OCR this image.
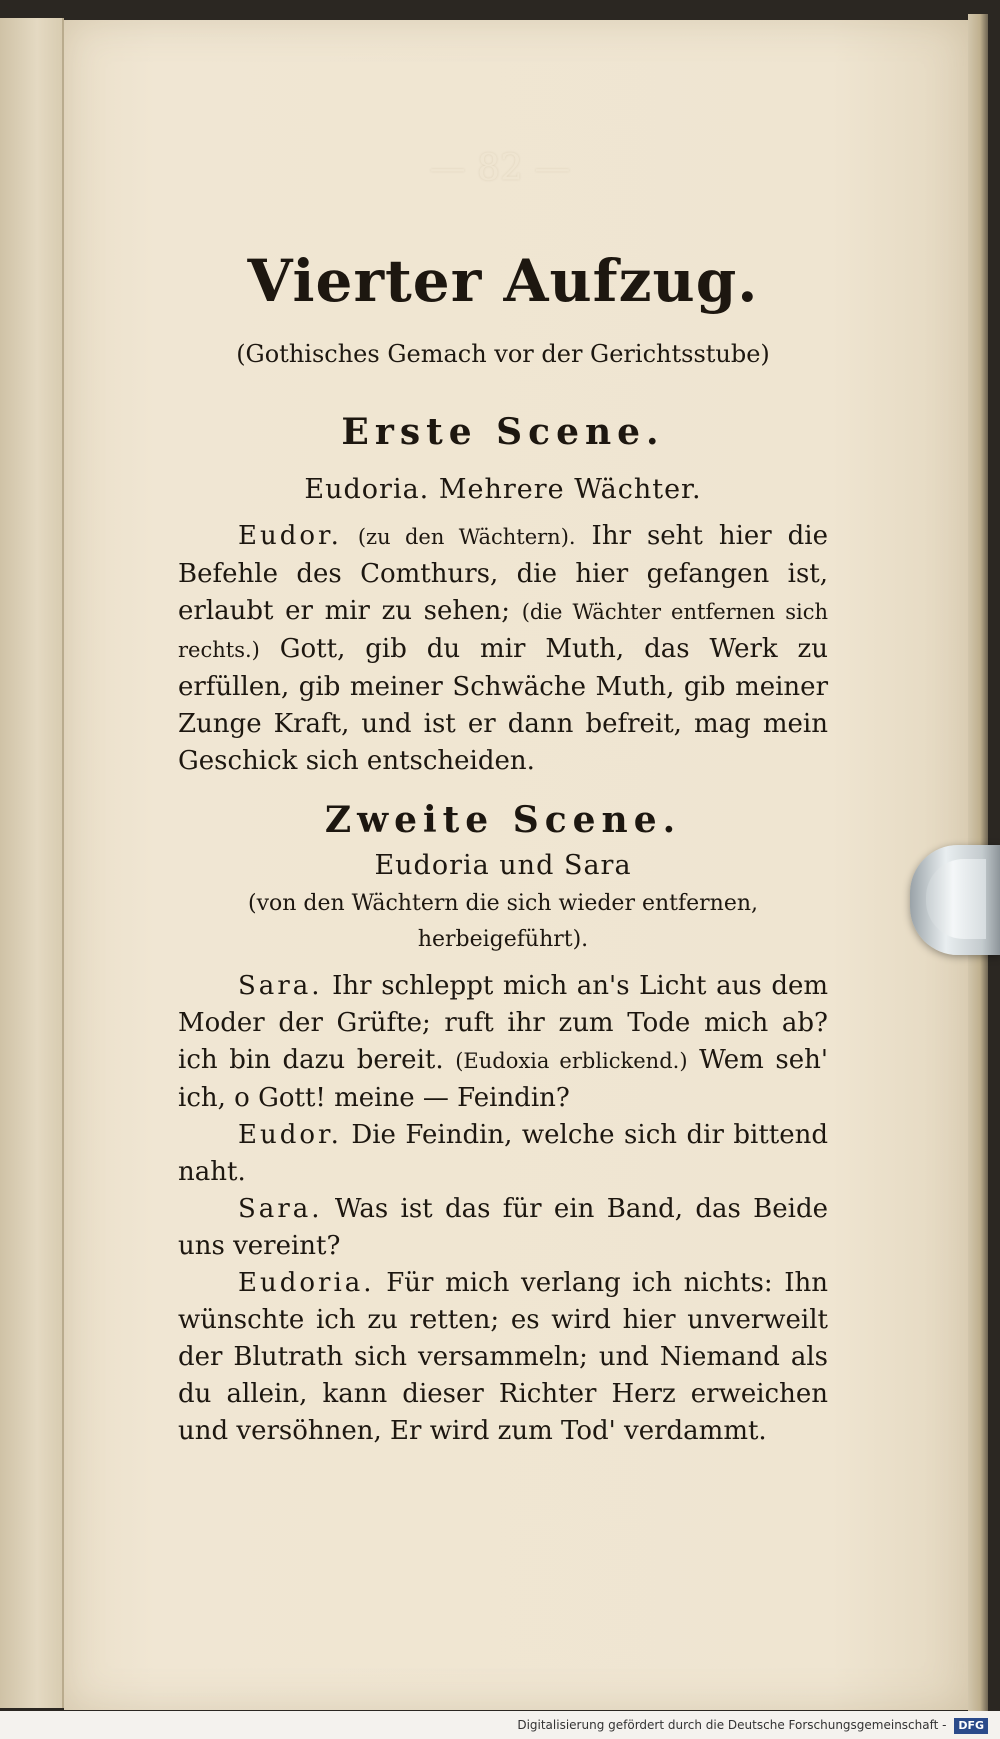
— 82 —
Vierter Aufzug.
(Gothisches Gemach vor der Gerichtsstube)
Erste Scene.
Eudoria. Mehrere Wächter.

Eudor. (zu den Wächtern). Ihr seht hier die Befehle des Comthurs, die hier gefangen ist, erlaubt er mir zu sehen; (die Wächter entfernen sich rechts.) Gott, gib du mir Muth, das Werk zu erfüllen, gib meiner Schwäche Muth, gib meiner Zunge Kraft, und ist er dann befreit, mag mein Geschick sich entscheiden.

Zweite Scene.
Eudoria und Sara
(von den Wächtern die sich wieder entfernen, herbeigeführt).

Sara. Ihr schleppt mich an's Licht aus dem Moder der Grüfte; ruft ihr zum Tode mich ab? ich bin dazu bereit. (Eudoxia erblickend.) Wem seh' ich, o Gott! meine — Feindin?

Eudor. Die Feindin, welche sich dir bittend naht.

Sara. Was ist das für ein Band, das Beide uns vereint?

Eudoria. Für mich verlang ich nichts: Ihn wünschte ich zu retten; es wird hier unverweilt der Blutrath sich versammeln; und Niemand als du allein, kann dieser Richter Herz erweichen und versöhnen, Er wird zum Tod' verdammt.

Digitalisierung gefördert durch die Deutsche Forschungsgemeinschaft - DFG
